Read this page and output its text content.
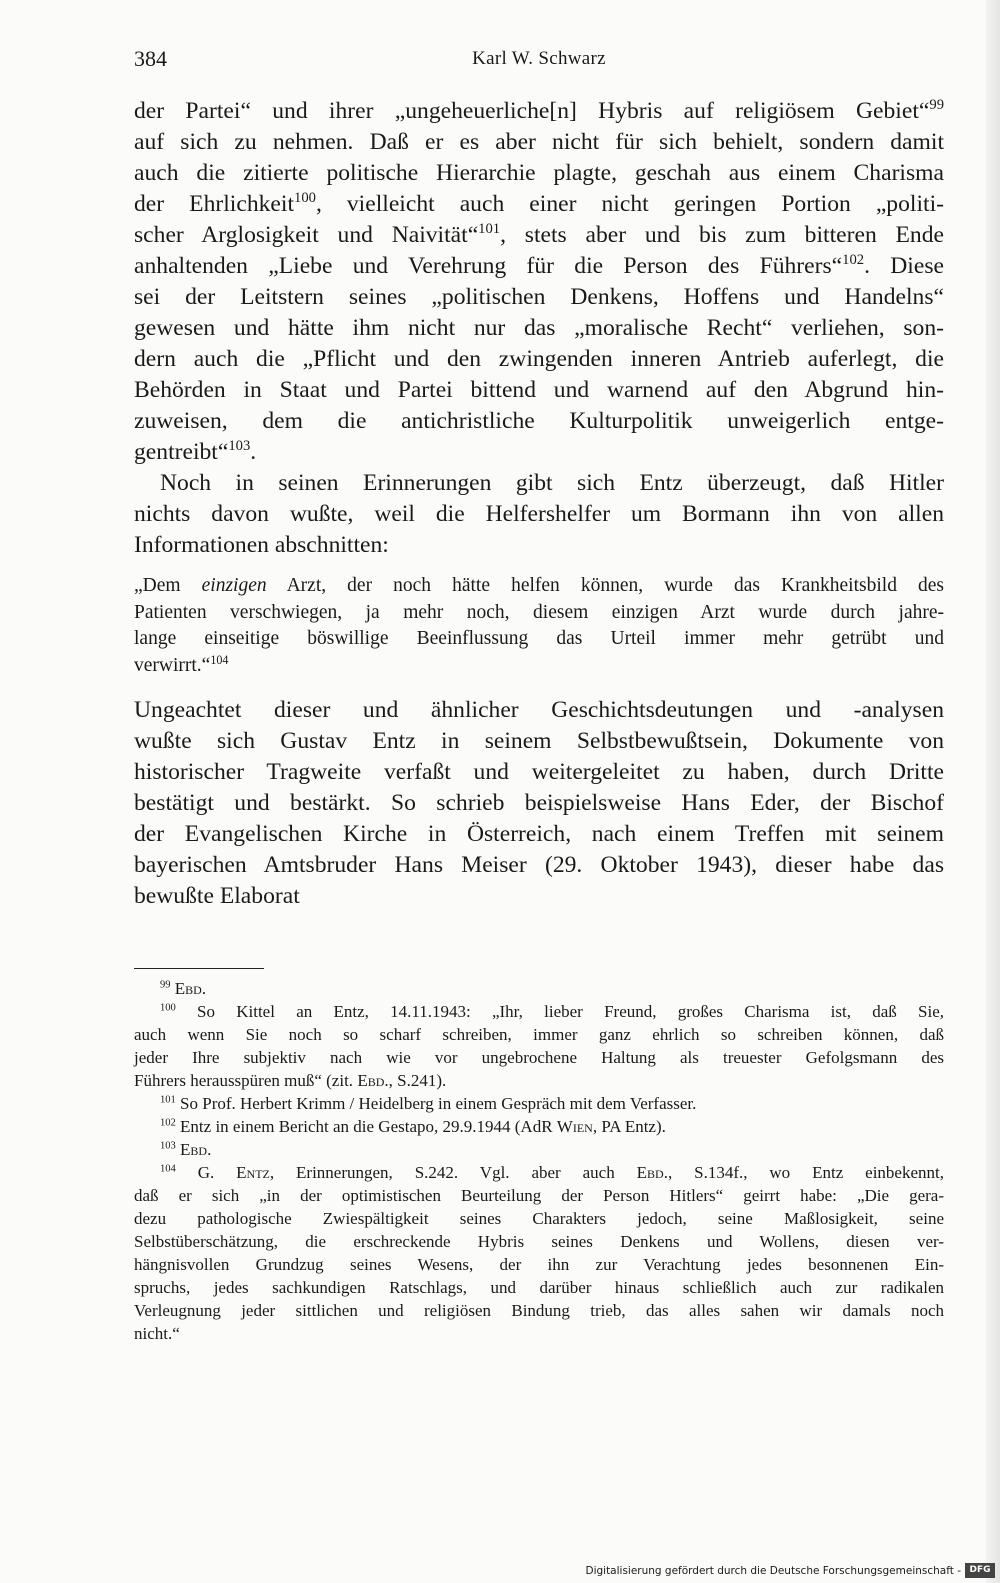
384	Karl W. Schwarz
der Partei“ und ihrer „ungeheuerliche[n] Hybris auf religiösem Gebiet“$^{99}$
auf sich zu nehmen. Daß er es aber nicht für sich behielt, sondern damit
auch die zitierte politische Hierarchie plagte, geschah aus einem Charisma
der Ehrlichkeit$^{100}$, vielleicht auch einer nicht geringen Portion „politi-
scher Arglosigkeit und Naivität“$^{101}$, stets aber und bis zum bitteren Ende
anhaltenden „Liebe und Verehrung für die Person des Führers“$^{102}$. Diese
sei der Leitstern seines „politischen Denkens, Hoffens und Handelns“
gewesen und hätte ihm nicht nur das „moralische Recht“ verliehen, son-
dern auch die „Pflicht und den zwingenden inneren Antrieb auferlegt, die
Behörden in Staat und Partei bittend und warnend auf den Abgrund hin-
zuweisen, dem die antichristliche Kulturpolitik unweigerlich entge-
gentreibt“$^{103}$.
Noch in seinen Erinnerungen gibt sich Entz überzeugt, daß Hitler
nichts davon wußte, weil die Helfershelfer um Bormann ihn von allen
Informationen abschnitten:
„Dem einzigen Arzt, der noch hätte helfen können, wurde das Krankheitsbild des
Patienten verschwiegen, ja mehr noch, diesem einzigen Arzt wurde durch jahre-
lange einseitige böswillige Beeinflussung das Urteil immer mehr getrübt und
verwirrt.“$^{104}$
Ungeachtet dieser und ähnlicher Geschichtsdeutungen und -analysen
wußte sich Gustav Entz in seinem Selbstbewußtsein, Dokumente von
historischer Tragweite verfaßt und weitergeleitet zu haben, durch Dritte
bestätigt und bestärkt. So schrieb beispielsweise Hans Eder, der Bischof
der Evangelischen Kirche in Österreich, nach einem Treffen mit seinem
bayerischen Amtsbruder Hans Meiser (29. Oktober 1943), dieser habe das
bewußte Elaborat
$^{99}$ Ebd.
$^{100}$ So Kittel an Entz, 14.11.1943: „Ihr, lieber Freund, großes Charisma ist, daß Sie,
auch wenn Sie noch so scharf schreiben, immer ganz ehrlich so schreiben können, daß
jeder Ihre subjektiv nach wie vor ungebrochene Haltung als treuester Gefolgsmann des
Führers herausspüren muß“ (zit. Ebd., S.241).
$^{101}$ So Prof. Herbert Krimm / Heidelberg in einem Gespräch mit dem Verfasser.
$^{102}$ Entz in einem Bericht an die Gestapo, 29.9.1944 (AdR Wien, PA Entz).
$^{103}$ Ebd.
$^{104}$ G. Entz, Erinnerungen, S.242. Vgl. aber auch Ebd., S.134f., wo Entz einbekennt,
daß er sich „in der optimistischen Beurteilung der Person Hitlers“ geirrt habe: „Die gera-
dezu pathologische Zwiespältigkeit seines Charakters jedoch, seine Maßlosigkeit, seine
Selbstüberschätzung, die erschreckende Hybris seines Denkens und Wollens, diesen ver-
hängnisvollen Grundzug seines Wesens, der ihn zur Verachtung jedes besonnenen Ein-
spruchs, jedes sachkundigen Ratschlags, und darüber hinaus schließlich auch zur radikalen
Verleugnung jeder sittlichen und religiösen Bindung trieb, das alles sahen wir damals noch
nicht.“
Digitalisierung gefördert durch die Deutsche Forschungsgemeinschaft - DFG
